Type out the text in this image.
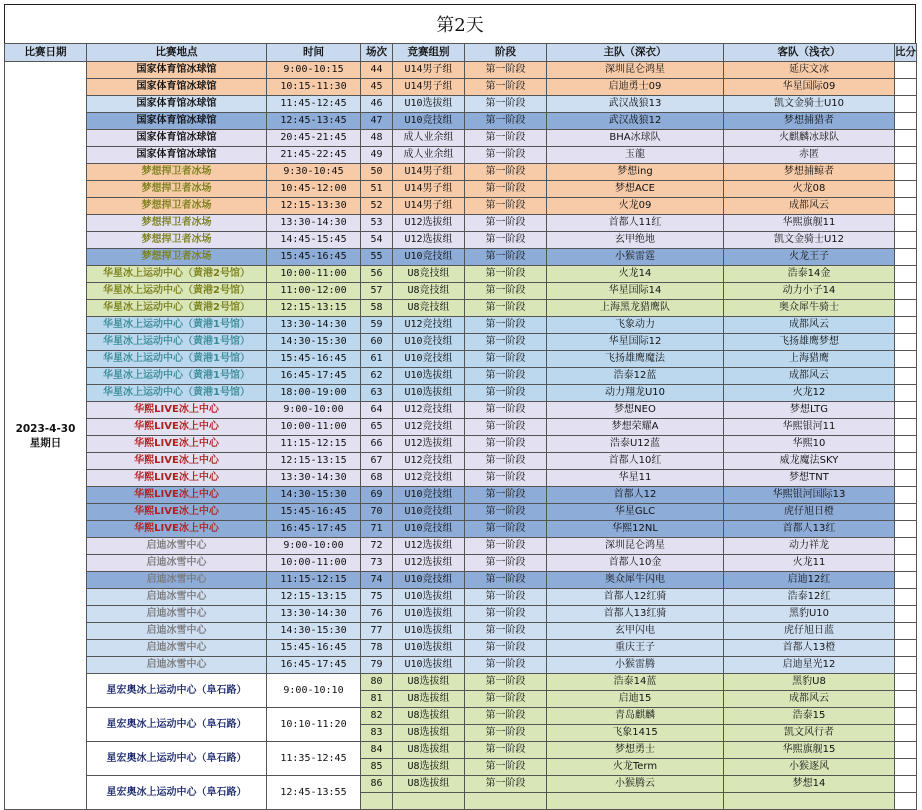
第2天
比赛日期	比赛地点	时间	场次	竞赛组别	阶段	主队（深衣）	客队（浅衣）	比分

2023-4-30
星期日	国家体育馆冰球馆	9:00-10:15	44	U14男子组	第一阶段	深圳昆仑鸿星	延庆文冰	
	国家体育馆冰球馆	10:15-11:30	45	U14男子组	第一阶段	启迪勇士09	华星国际09	
	国家体育馆冰球馆	11:45-12:45	46	U10选拔组	第一阶段	武汉战狼13	凯文金骑士U10	
	国家体育馆冰球馆	12:45-13:45	47	U10竞技组	第一阶段	武汉战狼12	梦想捕猎者	
	国家体育馆冰球馆	20:45-21:45	48	成人业余组	第一阶段	BHA冰球队	火麒麟冰球队	
	国家体育馆冰球馆	21:45-22:45	49	成人业余组	第一阶段	玉龍	赤匿	
	梦想捍卫者冰场	9:30-10:45	50	U14男子组	第一阶段	梦想ing	梦想捕鲸者	
	梦想捍卫者冰场	10:45-12:00	51	U14男子组	第一阶段	梦想ACE	火龙08	
	梦想捍卫者冰场	12:15-13:30	52	U14男子组	第一阶段	火龙09	成都风云	
	梦想捍卫者冰场	13:30-14:30	53	U12选拔组	第一阶段	首都人11红	华熙旗舰11	
	梦想捍卫者冰场	14:45-15:45	54	U12选拔组	第一阶段	玄甲绝地	凯文金骑士U12	
	梦想捍卫者冰场	15:45-16:45	55	U10竞技组	第一阶段	小猴雷霆	火龙王子	
	华星冰上运动中心（黄港2号馆）	10:00-11:00	56	U8竞技组	第一阶段	火龙14	浩泰14金	
	华星冰上运动中心（黄港2号馆）	11:00-12:00	57	U8竞技组	第一阶段	华星国际14	动力小子14	
	华星冰上运动中心（黄港2号馆）	12:15-13:15	58	U8竞技组	第一阶段	上海黑龙猎鹰队	奥众犀牛骑士	
	华星冰上运动中心（黄港1号馆）	13:30-14:30	59	U12竞技组	第一阶段	飞象动力	成都风云	
	华星冰上运动中心（黄港1号馆）	14:30-15:30	60	U10竞技组	第一阶段	华星国际12	飞扬雄鹰梦想	
	华星冰上运动中心（黄港1号馆）	15:45-16:45	61	U10竞技组	第一阶段	飞扬雄鹰魔法	上海猎鹰	
	华星冰上运动中心（黄港1号馆）	16:45-17:45	62	U10选拔组	第一阶段	浩泰12蓝	成都风云	
	华星冰上运动中心（黄港1号馆）	18:00-19:00	63	U10选拔组	第一阶段	动力翔龙U10	火龙12	
	华熙LIVE冰上中心	9:00-10:00	64	U12竞技组	第一阶段	梦想NEO	梦想LTG	
	华熙LIVE冰上中心	10:00-11:00	65	U12竞技组	第一阶段	梦想荣耀A	华熙银河11	
	华熙LIVE冰上中心	11:15-12:15	66	U12选拔组	第一阶段	浩泰U12蓝	华熙10	
	华熙LIVE冰上中心	12:15-13:15	67	U12竞技组	第一阶段	首都人10红	威龙魔法SKY	
	华熙LIVE冰上中心	13:30-14:30	68	U12竞技组	第一阶段	华星11	梦想TNT	
	华熙LIVE冰上中心	14:30-15:30	69	U10竞技组	第一阶段	首都人12	华熙银河国际13	
	华熙LIVE冰上中心	15:45-16:45	70	U10竞技组	第一阶段	华星GLC	虎仔旭日橙	
	华熙LIVE冰上中心	16:45-17:45	71	U10竞技组	第一阶段	华熙12NL	首都人13红	
	启迪冰雪中心	9:00-10:00	72	U12选拔组	第一阶段	深圳昆仑鸿星	动力祥龙	
	启迪冰雪中心	10:00-11:00	73	U12选拔组	第一阶段	首都人10金	火龙11	
	启迪冰雪中心	11:15-12:15	74	U10竞技组	第一阶段	奥众犀牛闪电	启迪12红	
	启迪冰雪中心	12:15-13:15	75	U10选拔组	第一阶段	首都人12红骑	浩泰12红	
	启迪冰雪中心	13:30-14:30	76	U10选拔组	第一阶段	首都人13红骑	黑豹U10	
	启迪冰雪中心	14:30-15:30	77	U10选拔组	第一阶段	玄甲闪电	虎仔旭日蓝	
	启迪冰雪中心	15:45-16:45	78	U10选拔组	第一阶段	重庆王子	首都人13橙	
	启迪冰雪中心	16:45-17:45	79	U10选拔组	第一阶段	小猴雷腾	启迪星光12	
	星宏奥冰上运动中心（阜石路）	9:00-10:10	80	U8选拔组	第一阶段	浩泰14蓝	黑豹U8	
			81	U8选拔组	第一阶段	启迪15	成都风云	
	星宏奥冰上运动中心（阜石路）	10:10-11:20	82	U8选拔组	第一阶段	青岛麒麟	浩泰15	
			83	U8选拔组	第一阶段	飞象1415	凯文风行者	
	星宏奥冰上运动中心（阜石路）	11:35-12:45	84	U8选拔组	第一阶段	梦想勇士	华熙旗舰15	
			85	U8选拔组	第一阶段	火龙Term	小猴逐风	
	星宏奥冰上运动中心（阜石路）	12:45-13:55	86	U8选拔组	第一阶段	小猴腾云	梦想14	
